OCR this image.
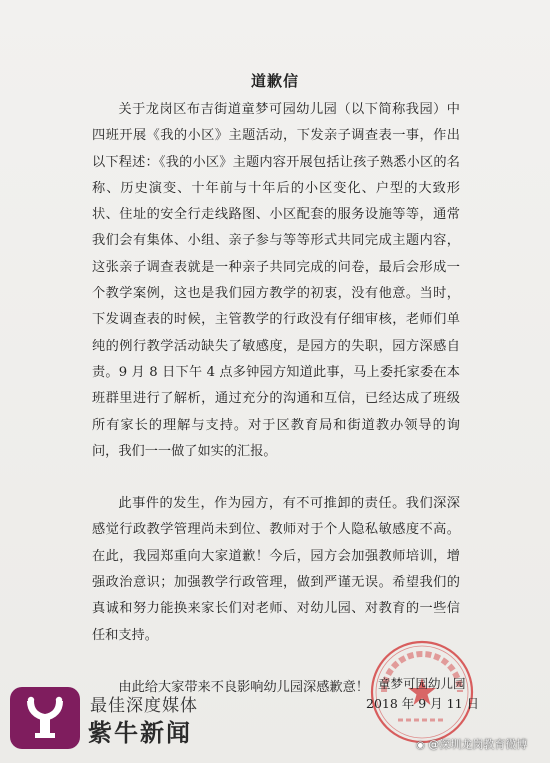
道歉信

关于龙岗区布吉街道童梦可园幼儿园（以下简称我园）中四班开展《我的小区》主题活动，下发亲子调查表一事，作出以下程述：《我的小区》主题内容开展包括让孩子熟悉小区的名称、历史演变、十年前与十年后的小区变化、户型的大致形状、住址的安全行走线路图、小区配套的服务设施等等，通常我们会有集体、小组、亲子参与等等形式共同完成主题内容，这张亲子调查表就是一种亲子共同完成的问卷，最后会形成一个教学案例，这也是我们园方教学的初衷，没有他意。当时，下发调查表的时候，主管教学的行政没有仔细审核，老师们单纯的例行教学活动缺失了敏感度，是园方的失职，园方深感自责。9 月 8 日下午 4 点多钟园方知道此事，马上委托家委在本班群里进行了解析，通过充分的沟通和互信，已经达成了班级所有家长的理解与支持。对于区教育局和街道教办领导的询问，我们一一做了如实的汇报。

此事件的发生，作为园方，有不可推卸的责任。我们深深感觉行政教学管理尚未到位、教师对于个人隐私敏感度不高。在此，我园郑重向大家道歉！今后，园方会加强教师培训，增强政治意识；加强教学行政管理，做到严谨无误。希望我们的真诚和努力能换来家长们对老师、对幼儿园、对教育的一些信任和支持。

由此给大家带来不良影响幼儿园深感歉意！ 童梦可园幼儿园
2018 年 9 月 11 日
最佳深度媒体
紫牛新闻	◉ @深圳龙岗教育微博
